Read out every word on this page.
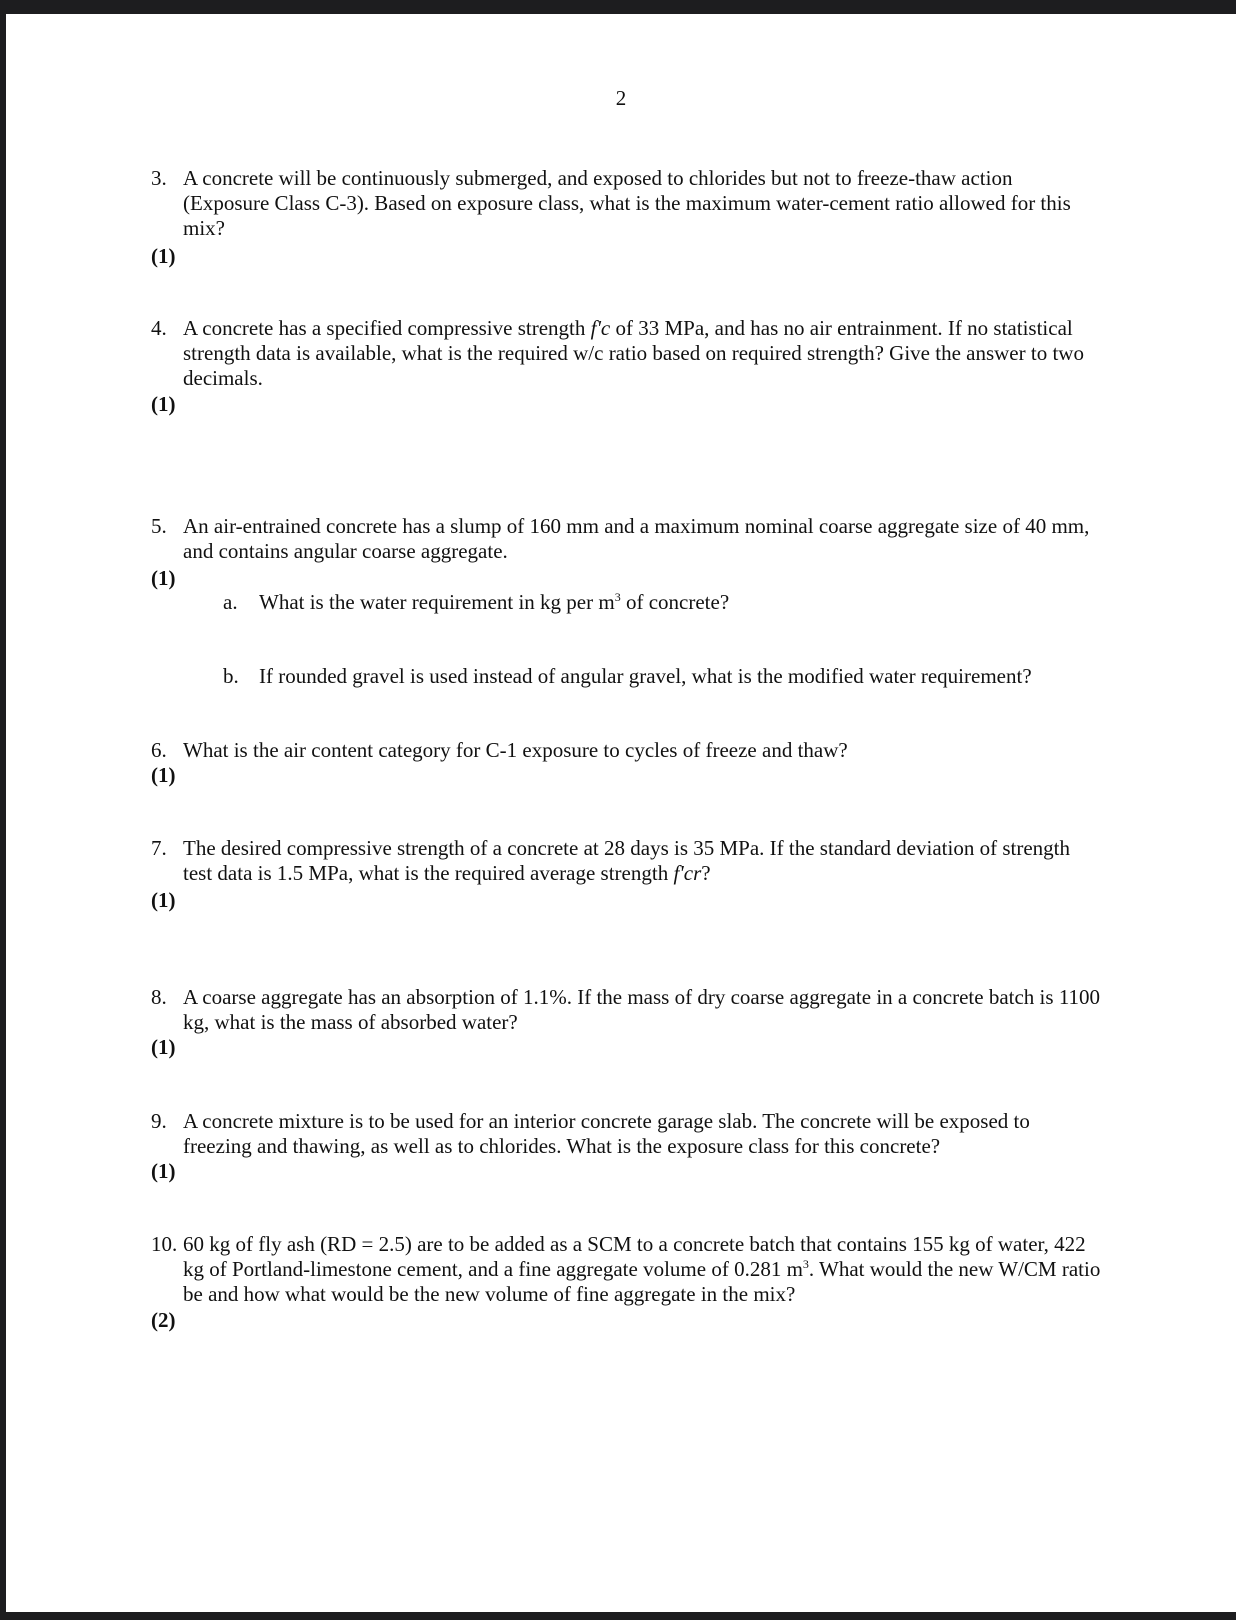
2
3. A concrete will be continuously submerged, and exposed to chlorides but not to freeze-thaw action (Exposure Class C-3). Based on exposure class, what is the maximum water-cement ratio allowed for this mix?
(1)
4. A concrete has a specified compressive strength f'c of 33 MPa, and has no air entrainment. If no statistical strength data is available, what is the required w/c ratio based on required strength? Give the answer to two decimals.
(1)
5. An air-entrained concrete has a slump of 160 mm and a maximum nominal coarse aggregate size of 40 mm, and contains angular coarse aggregate.
(1)
a. What is the water requirement in kg per $m^3$ of concrete?
b. If rounded gravel is used instead of angular gravel, what is the modified water requirement?
6. What is the air content category for C-1 exposure to cycles of freeze and thaw?
(1)
7. The desired compressive strength of a concrete at 28 days is 35 MPa. If the standard deviation of strength test data is 1.5 MPa, what is the required average strength f'cr?
(1)
8. A coarse aggregate has an absorption of 1.1%. If the mass of dry coarse aggregate in a concrete batch is 1100 kg, what is the mass of absorbed water?
(1)
9. A concrete mixture is to be used for an interior concrete garage slab. The concrete will be exposed to freezing and thawing, as well as to chlorides. What is the exposure class for this concrete?
(1)
10. 60 kg of fly ash (RD = 2.5) are to be added as a SCM to a concrete batch that contains 155 kg of water, 422 kg of Portland-limestone cement, and a fine aggregate volume of 0.281 $m^3$. What would the new W/CM ratio be and how what would be the new volume of fine aggregate in the mix?
(2)
